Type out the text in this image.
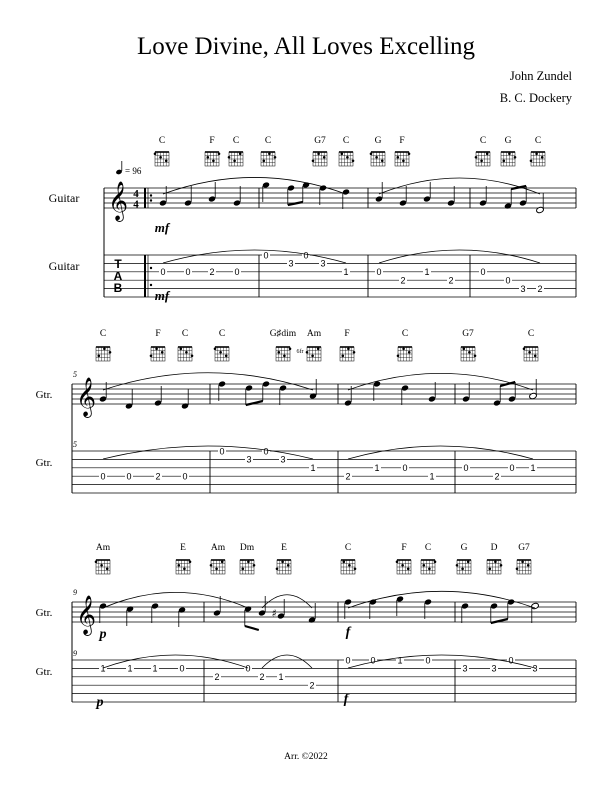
Love Divine, All Loves Excelling
John Zundel
B. C. Dockery
Guitar
Guitar
𝄞 4
4
T
A
B
= 96
C	F C	C	G7 C	G F	C G C
0 0 2 0
0
3
0
3
1	0
2
1
2
0
0
3 2
Gtr.
Gtr.
5
5
𝄞
C	F C	C	G♯dim Am F	C	G7	C
6fr
0 0	2 0
0
3
0
3
1
2
1	0
1
0
2
0 1
Gtr.
Gtr.
9
9
𝄞
Am	E	Am Dm	E	C	F C	G D G7
♯
1 1 1 0
2
0
2 1
2
0 0 1	0
3	3
0
3
mf
mf
p	f
p	f
Arr. ©2022
